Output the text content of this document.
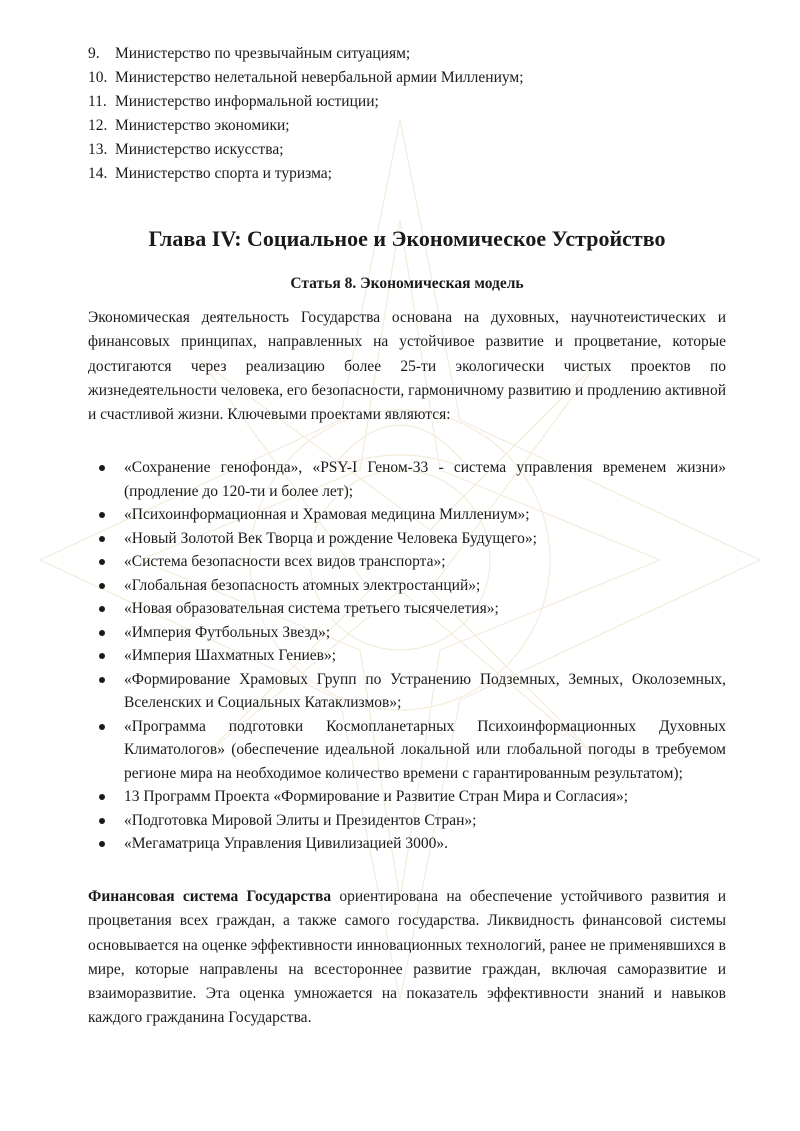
9. Министерство по чрезвычайным ситуациям;
10. Министерство нелетальной невербальной армии Миллениум;
11. Министерство информальной юстиции;
12. Министерство экономики;
13. Министерство искусства;
14. Министерство спорта и туризма;
Глава IV: Социальное и Экономическое Устройство
Статья 8. Экономическая модель

Экономическая деятельность Государства основана на духовных, научнотеистических и финансовых принципах, направленных на устойчивое развитие и процветание, которые достигаются через реализацию более 25-ти экологически чистых проектов по жизнедеятельности человека, его безопасности, гармоничному развитию и продлению активной и счастливой жизни. Ключевыми проектами являются:

«Сохранение генофонда», «PSY-I Геном-33 - система управления временем жизни» (продление до 120-ти и более лет);
«Психоинформационная и Храмовая медицина Миллениум»;
«Новый Золотой Век Творца и рождение Человека Будущего»;
«Система безопасности всех видов транспорта»;
«Глобальная безопасность атомных электростанций»;
«Новая образовательная система третьего тысячелетия»;
«Империя Футбольных Звезд»;
«Империя Шахматных Гениев»;
«Формирование Храмовых Групп по Устранению Подземных, Земных, Околоземных, Вселенских и Социальных Катаклизмов»;
«Программа подготовки Космопланетарных Психоинформационных Духовных Климатологов» (обеспечение идеальной локальной или глобальной погоды в требуемом регионе мира на необходимое количество времени с гарантированным результатом);
13 Программ Проекта «Формирование и Развитие Стран Мира и Согласия»;
«Подготовка Мировой Элиты и Президентов Стран»;
«Мегаматрица Управления Цивилизацией 3000».

Финансовая система Государства ориентирована на обеспечение устойчивого развития и процветания всех граждан, а также самого государства. Ликвидность финансовой системы основывается на оценке эффективности инновационных технологий, ранее не применявшихся в мире, которые направлены на всестороннее развитие граждан, включая саморазвитие и взаиморазвитие. Эта оценка умножается на показатель эффективности знаний и навыков каждого гражданина Государства.
